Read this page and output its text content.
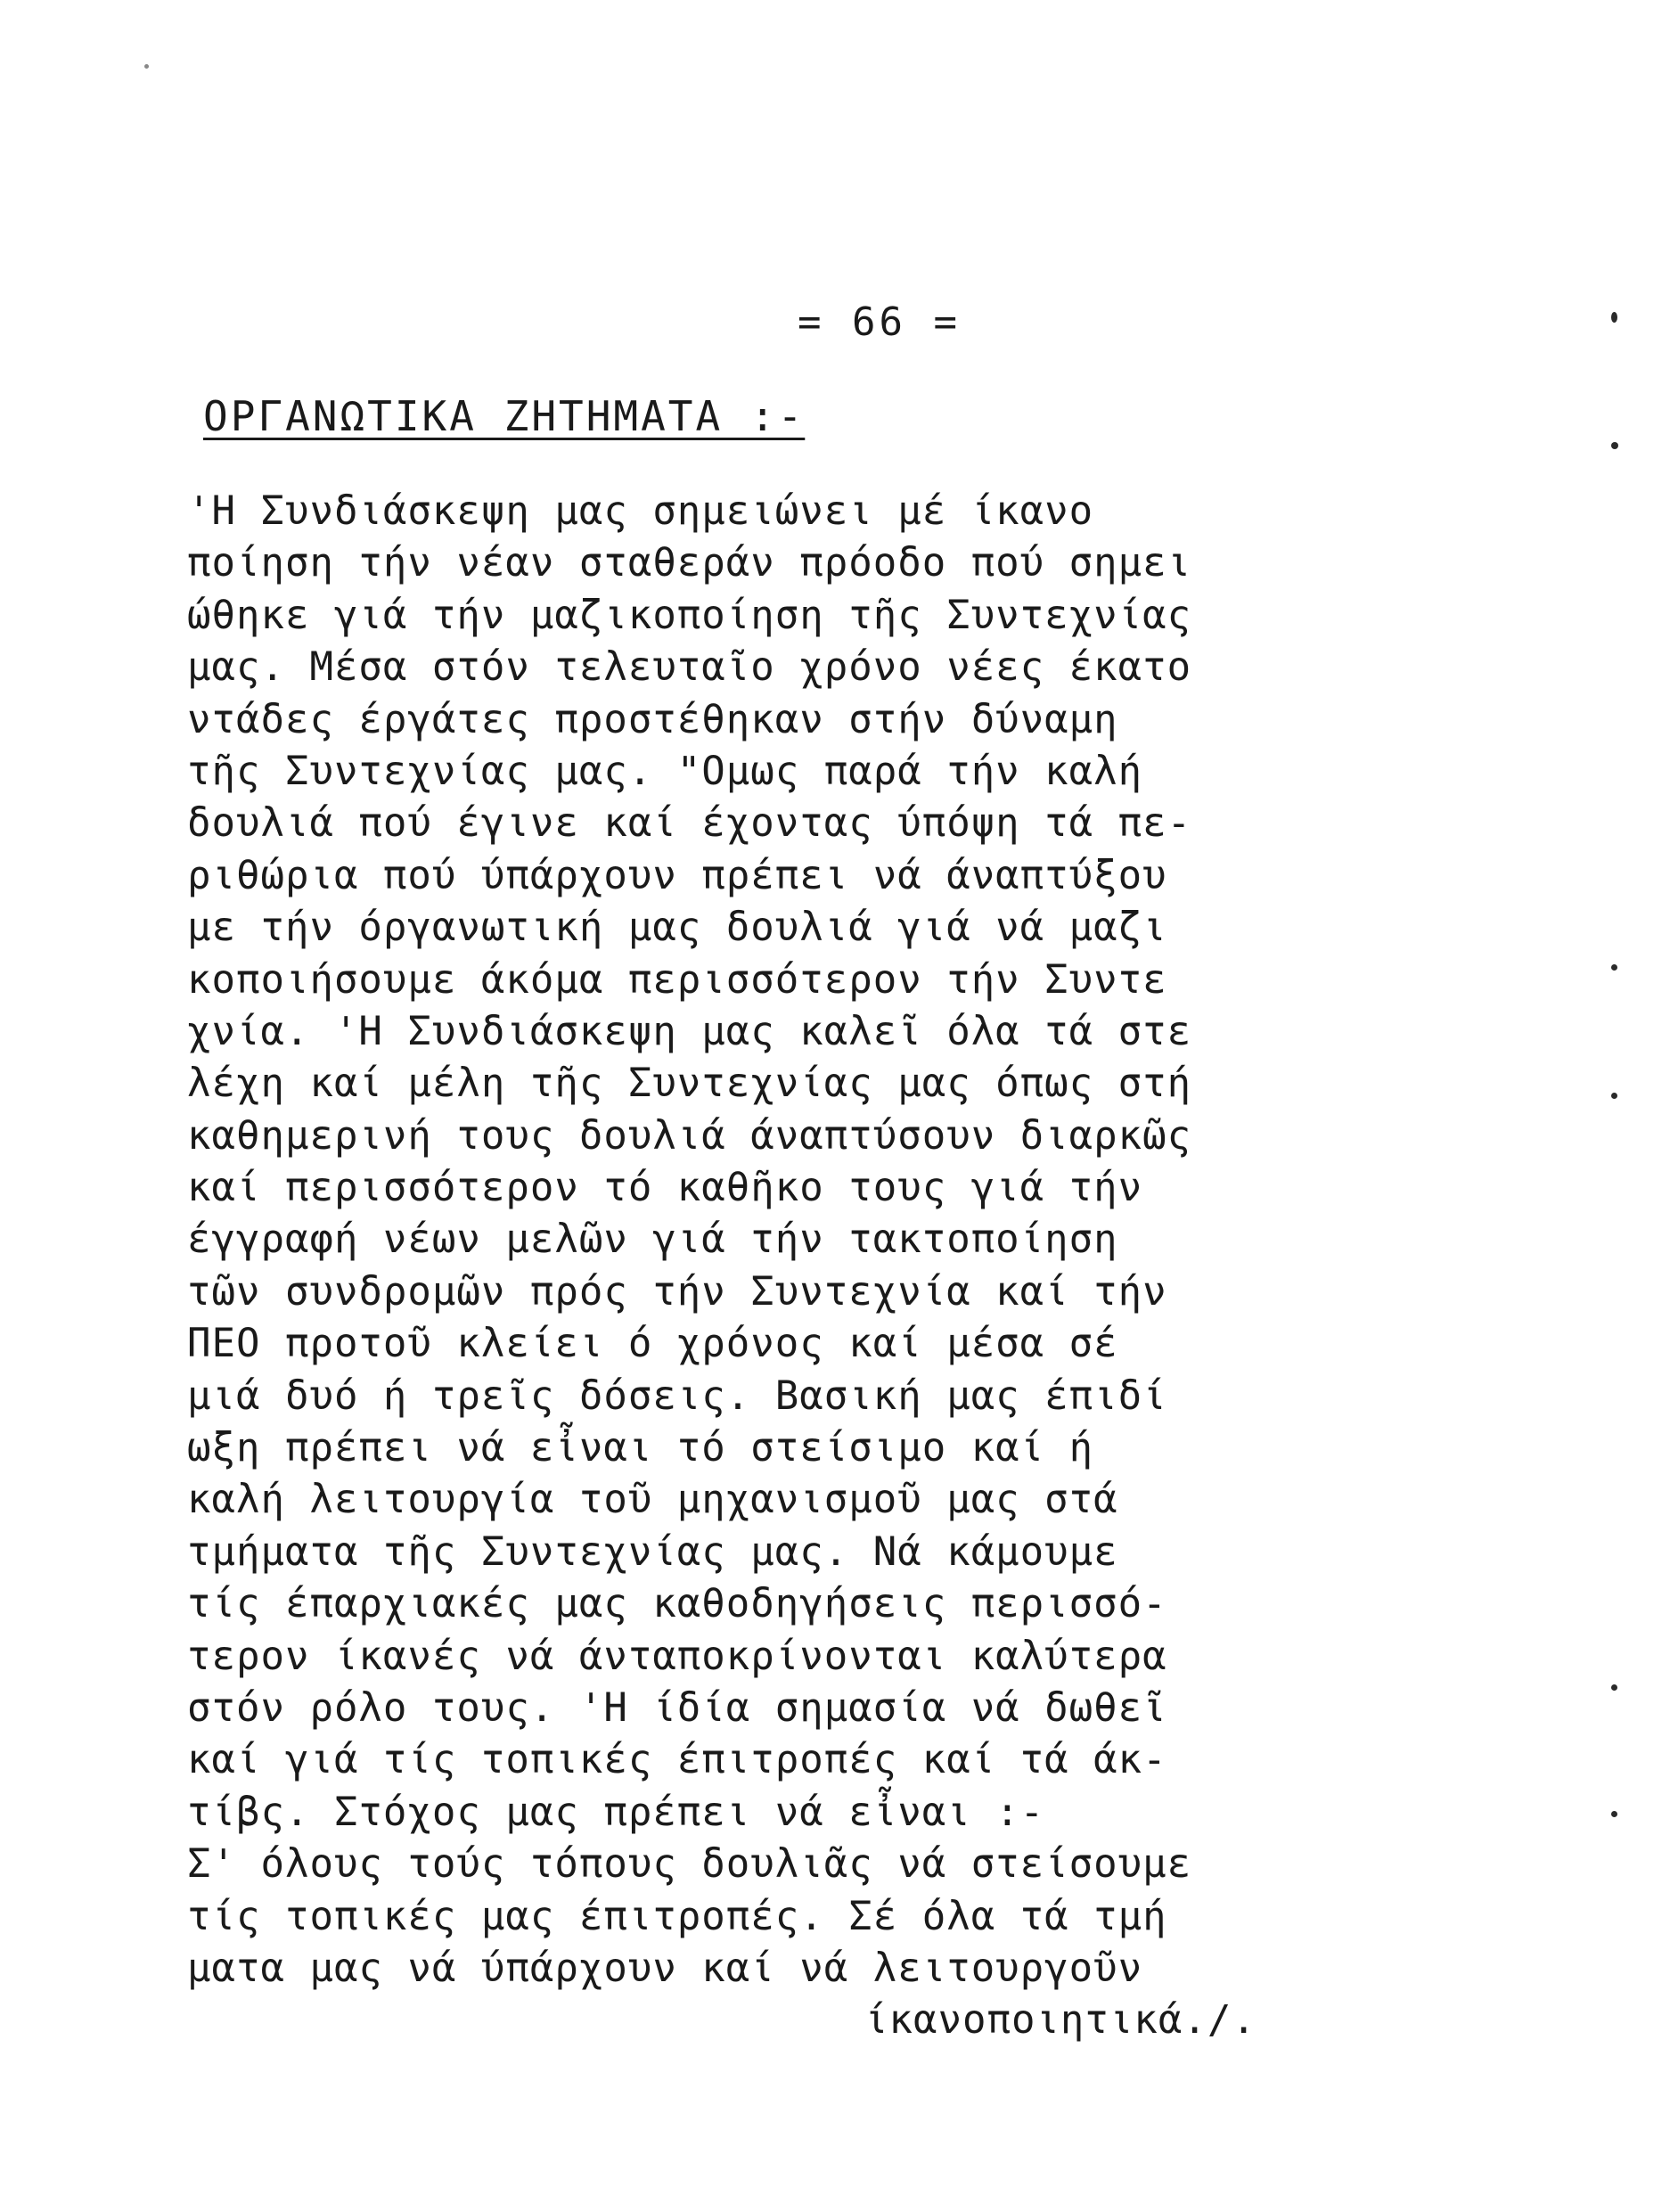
= 66 =
ΟΡΓΑΝΩΤΙΚΑ ΖΗΤΗΜΑΤΑ :-
'Η Συνδιάσκεψη μας σημειώνει μέ ίκανο
ποίηση τήν νέαν σταθεράν πρόοδο πού σημει
ώθηκε γιά τήν μαζικοποίηση τῆς Συντεχνίας
μας. Μέσα στόν τελευταῖο χρόνο νέες έκατο
ντάδες έργάτες προστέθηκαν στήν δύναμη
τῆς Συντεχνίας μας. "Ομως παρά τήν καλή
δουλιά πού έγινε καί έχοντας ύπόψη τά πε-
ριθώρια πού ύπάρχουν πρέπει νά άναπτύξου
με τήν όργανωτική μας δουλιά γιά νά μαζι
κοποιήσουμε άκόμα περισσότερον τήν Συντε
χνία. 'Η Συνδιάσκεψη μας καλεῖ όλα τά στε
λέχη καί μέλη τῆς Συντεχνίας μας όπως στή
καθημερινή τους δουλιά άναπτύσουν διαρκῶς
καί περισσότερον τό καθῆκο τους γιά τήν
έγγραφή νέων μελῶν γιά τήν τακτοποίηση
τῶν συνδρομῶν πρός τήν Συντεχνία καί τήν
ΠΕΟ προτοῦ κλείει ό χρόνος καί μέσα σέ
μιά δυό ή τρεῖς δόσεις. Βασική μας έπιδί
ωξη πρέπει νά εἶναι τό στείσιμο καί ή
καλή λειτουργία τοῦ μηχανισμοῦ μας στά
τμήματα τῆς Συντεχνίας μας. Νά κάμουμε
τίς έπαρχιακές μας καθοδηγήσεις περισσό-
τερον ίκανές νά άνταποκρίνονται καλύτερα
στόν ρόλο τους. 'Η ίδία σημασία νά δωθεῖ
καί γιά τίς τοπικές έπιτροπές καί τά άκ-
τίβς. Στόχος μας πρέπει νά εἶναι :-
Σ' όλους τούς τόπους δουλιᾶς νά στείσουμε
τίς τοπικές μας έπιτροπές. Σέ όλα τά τμή
ματα μας νά ύπάρχουν καί νά λειτουργοῦν
ίκανοποιητικά./.
